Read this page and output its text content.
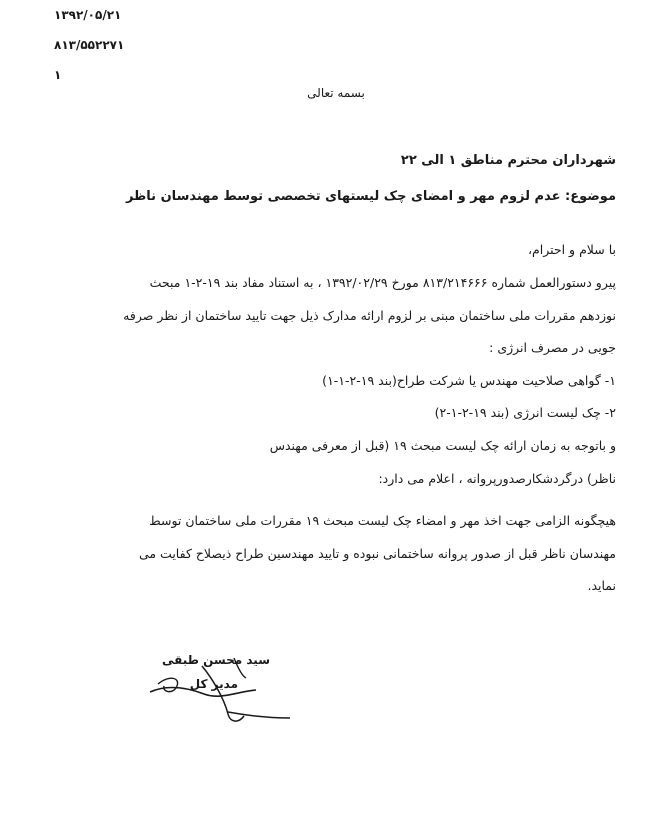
۱۳۹۲/۰۵/۲۱
۸۱۳/۵۵۲۲۷۱
۱
بسمه تعالی
شهرداران محترم مناطق ۱ الی ۲۲
موضوع: عدم لزوم مهر و امضای چک لیستهای تخصصی توسط مهندسان ناظر
با سلام و احترام،
پیرو دستورالعمل شماره ۸۱۳/۲۱۴۶۶۶ مورخ ۱۳۹۲/۰۲/۲۹ ، به استناد مفاد بند ۱۹-۲-۱ مبحث
نوزدهم مقررات ملی ساختمان مبنی بر لزوم ارائه مدارک ذیل جهت تایید ساختمان از نظر صرفه
جویی در مصرف انرژی :
۱- گواهی صلاحیت مهندس یا شرکت طراح(بند ۱۹-۲-۱-۱)
۲- چک لیست انرژی (بند ۱۹-۲-۱-۲)
و باتوجه به زمان ارائه چک لیست مبحث ۱۹ (قبل از معرفی مهندس
ناظر) درگردشکارصدورپروانه ، اعلام می دارد:
هیچگونه الزامی جهت اخذ مهر و امضاء چک لیست مبحث ۱۹ مقررات ملی ساختمان توسط
مهندسان ناظر قبل از صدور پروانه ساختمانی نبوده و تایید مهندسین طراح ذیصلاح کفایت می
نماید.
سید محسن طبقی
مدیر کل
